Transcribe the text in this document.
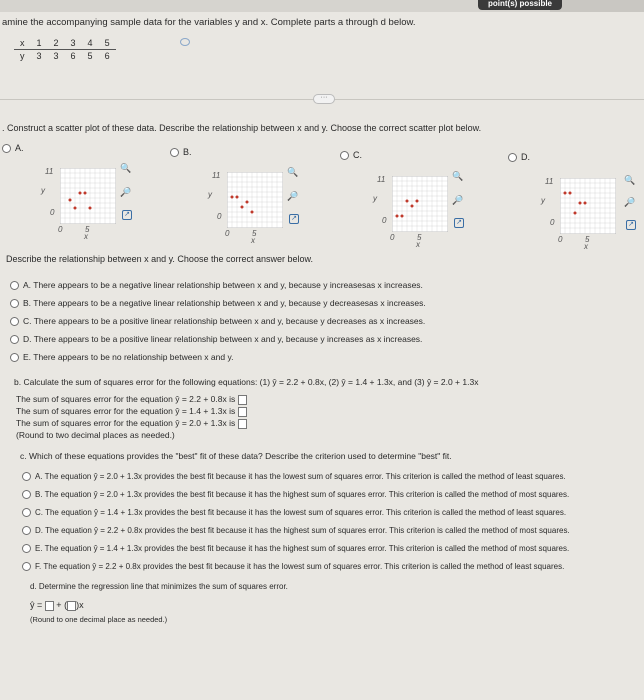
point(s) possible
amine the accompanying sample data for the variables y and x. Complete parts a through d below.
x	1	2	3	4	5
y	3	3	6	5	6
···
. Construct a scatter plot of these data. Describe the relationship between x and y. Choose the correct scatter plot below.
A.	B.	C.	D.
11
y
0
0	5
x
🔍
🔎
↗
11
y
0
0	5
x
🔍
🔎
↗
11
y
0
0	5
x
🔍
🔎
↗
11
y
0
0	5
x
🔍
🔎
↗
Describe the relationship between x and y. Choose the correct answer below.
A. There appears to be a negative linear relationship between x and y, because y increasesas x increases.
B. There appears to be a negative linear relationship between x and y, because y decreasesas x increases.
C. There appears to be a positive linear relationship between x and y, because y decreases as x increases.
D. There appears to be a positive linear relationship between x and y, because y increases as x increases.
E. There appears to be no relationship between x and y.
b. Calculate the sum of squares error for the following equations: (1) ŷ = 2.2 + 0.8x, (2) ŷ = 1.4 + 1.3x, and (3) ŷ = 2.0 + 1.3x
The sum of squares error for the equation ŷ = 2.2 + 0.8x is
The sum of squares error for the equation ŷ = 1.4 + 1.3x is
The sum of squares error for the equation ŷ = 2.0 + 1.3x is
(Round to two decimal places as needed.)
c. Which of these equations provides the "best" fit of these data? Describe the criterion used to determine "best" fit.
A. The equation ŷ = 2.0 + 1.3x provides the best fit because it has the lowest sum of squares error. This criterion is called the method of least squares.
B. The equation ŷ = 2.0 + 1.3x provides the best fit because it has the highest sum of squares error. This criterion is called the method of most squares.
C. The equation ŷ = 1.4 + 1.3x provides the best fit because it has the lowest sum of squares error. This criterion is called the method of least squares.
D. The equation ŷ = 2.2 + 0.8x provides the best fit because it has the highest sum of squares error. This criterion is called the method of most squares.
E. The equation ŷ = 1.4 + 1.3x provides the best fit because it has the highest sum of squares error. This criterion is called the method of most squares.
F. The equation ŷ = 2.2 + 0.8x provides the best fit because it has the lowest sum of squares error. This criterion is called the method of least squares.
d. Determine the regression line that minimizes the sum of squares error.
ŷ = + ( )x
(Round to one decimal place as needed.)
